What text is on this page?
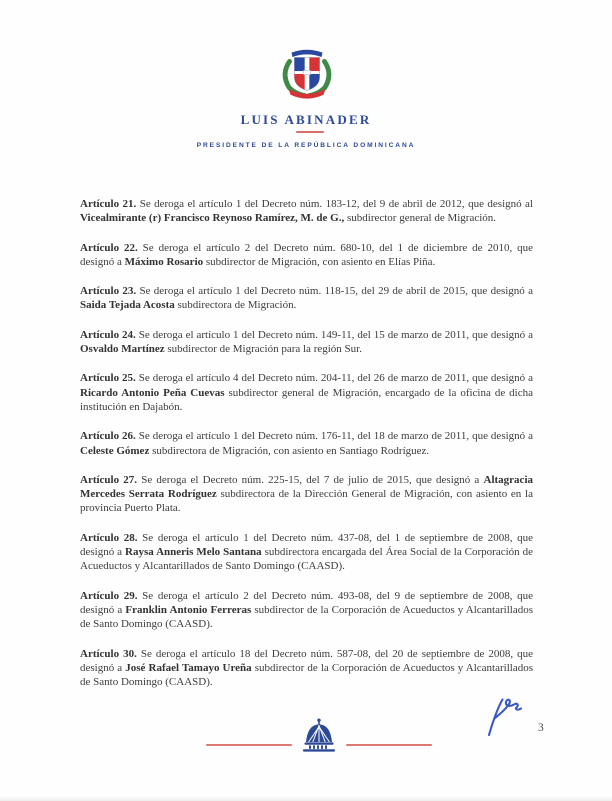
LUIS ABINADER
PRESIDENTE DE LA REPÚBLICA DOMINICANA

Artículo 21. Se deroga el artículo 1 del Decreto núm. 183-12, del 9 de abril de 2012, que designó al Vicealmirante (r) Francisco Reynoso Ramírez, M. de G., subdirector general de Migración.

Artículo 22. Se deroga el artículo 2 del Decreto núm. 680-10, del 1 de diciembre de 2010, que designó a Máximo Rosario subdirector de Migración, con asiento en Elías Piña.

Artículo 23. Se deroga el artículo 1 del Decreto núm. 118-15, del 29 de abril de 2015, que designó a Saida Tejada Acosta subdirectora de Migración.

Artículo 24. Se deroga el artículo 1 del Decreto núm. 149-11, del 15 de marzo de 2011, que designó a Osvaldo Martínez subdirector de Migración para la región Sur.

Artículo 25. Se deroga el artículo 4 del Decreto núm. 204-11, del 26 de marzo de 2011, que designó a Ricardo Antonio Peña Cuevas subdirector general de Migración, encargado de la oficina de dicha institución en Dajabón.

Artículo 26. Se deroga el artículo 1 del Decreto núm. 176-11, del 18 de marzo de 2011, que designó a Celeste Gómez subdirectora de Migración, con asiento en Santiago Rodríguez.

Artículo 27. Se deroga el Decreto núm. 225-15, del 7 de julio de 2015, que designó a Altagracia Mercedes Serrata Rodríguez subdirectora de la Dirección General de Migración, con asiento en la provincia Puerto Plata.

Artículo 28. Se deroga el artículo 1 del Decreto núm. 437-08, del 1 de septiembre de 2008, que designó a Raysa Anneris Melo Santana subdirectora encargada del Área Social de la Corporación de Acueductos y Alcantarillados de Santo Domingo (CAASD).

Artículo 29. Se deroga el artículo 2 del Decreto núm. 493-08, del 9 de septiembre de 2008, que designó a Franklin Antonio Ferreras subdirector de la Corporación de Acueductos y Alcantarillados de Santo Domingo (CAASD).

Artículo 30. Se deroga el artículo 18 del Decreto núm. 587-08, del 20 de septiembre de 2008, que designó a José Rafael Tamayo Ureña subdirector de la Corporación de Acueductos y Alcantarillados de Santo Domingo (CAASD).

3
